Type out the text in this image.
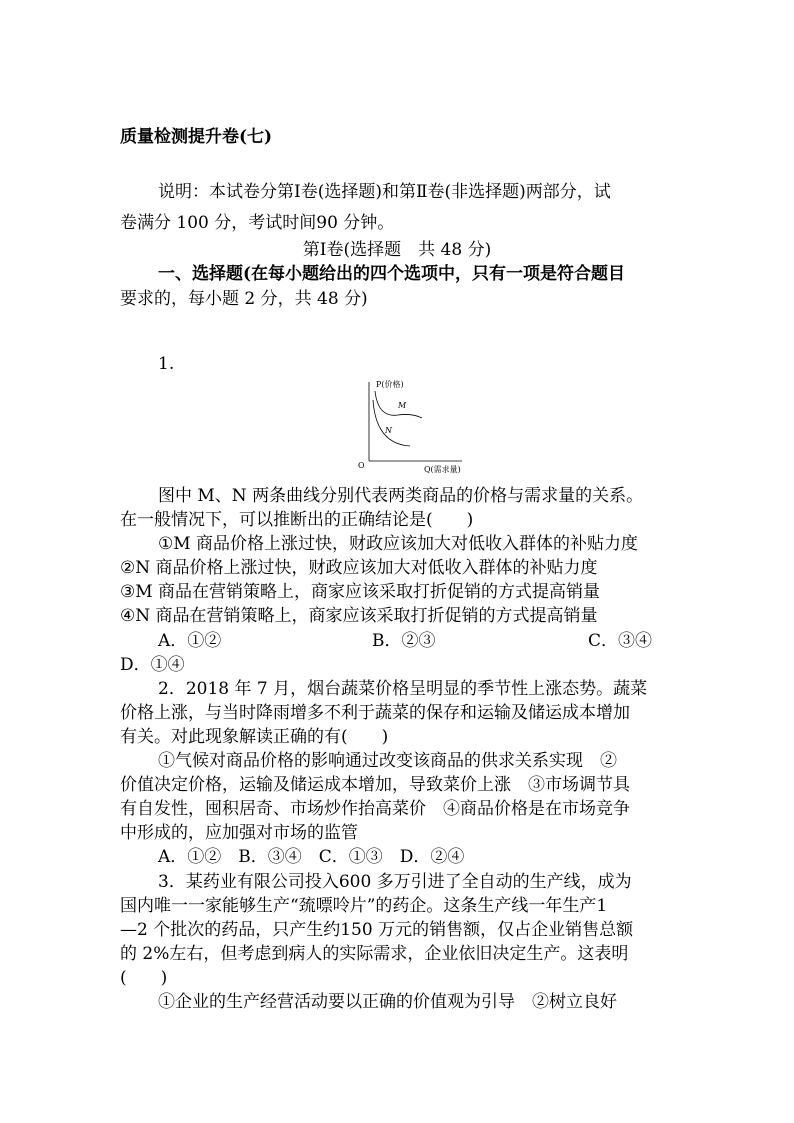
质量检测提升卷(七)
说明：本试卷分第Ⅰ卷(选择题)和第Ⅱ卷(非选择题)两部分，试
卷满分 100 分，考试时间90 分钟。
第Ⅰ卷(选择题　共 48 分)
一、选择题(在每小题给出的四个选项中，只有一项是符合题目
要求的，每小题 2 分，共 48 分)
1.
P(价格)
Q(需求量)
O
M
N
图中 M、N 两条曲线分别代表两类商品的价格与需求量的关系。
在一般情况下，可以推断出的正确结论是(　　)
①M 商品价格上涨过快，财政应该加大对低收入群体的补贴力度
②N 商品价格上涨过快，财政应该加大对低收入群体的补贴力度
③M 商品在营销策略上，商家应该采取打折促销的方式提高销量
④N 商品在营销策略上，商家应该采取打折促销的方式提高销量
A．①②	B．②③	C．③④
D．①④
2．2018 年 7 月，烟台蔬菜价格呈明显的季节性上涨态势。蔬菜
价格上涨，与当时降雨增多不利于蔬菜的保存和运输及储运成本增加
有关。对此现象解读正确的有(　　)
①气候对商品价格的影响通过改变该商品的供求关系实现　②
价值决定价格，运输及储运成本增加，导致菜价上涨　③市场调节具
有自发性，囤积居奇、市场炒作抬高菜价　④商品价格是在市场竞争
中形成的，应加强对市场的监管
A．①②　B．③④　C．①③　D．②④
3．某药业有限公司投入600 多万引进了全自动的生产线，成为
国内唯一一家能够生产“巯嘌呤片”的药企。这条生产线一年生产1
—2 个批次的药品，只产生约150 万元的销售额，仅占企业销售总额
的 2%左右，但考虑到病人的实际需求，企业依旧决定生产。这表明
(　　)
①企业的生产经营活动要以正确的价值观为引导　②树立良好
